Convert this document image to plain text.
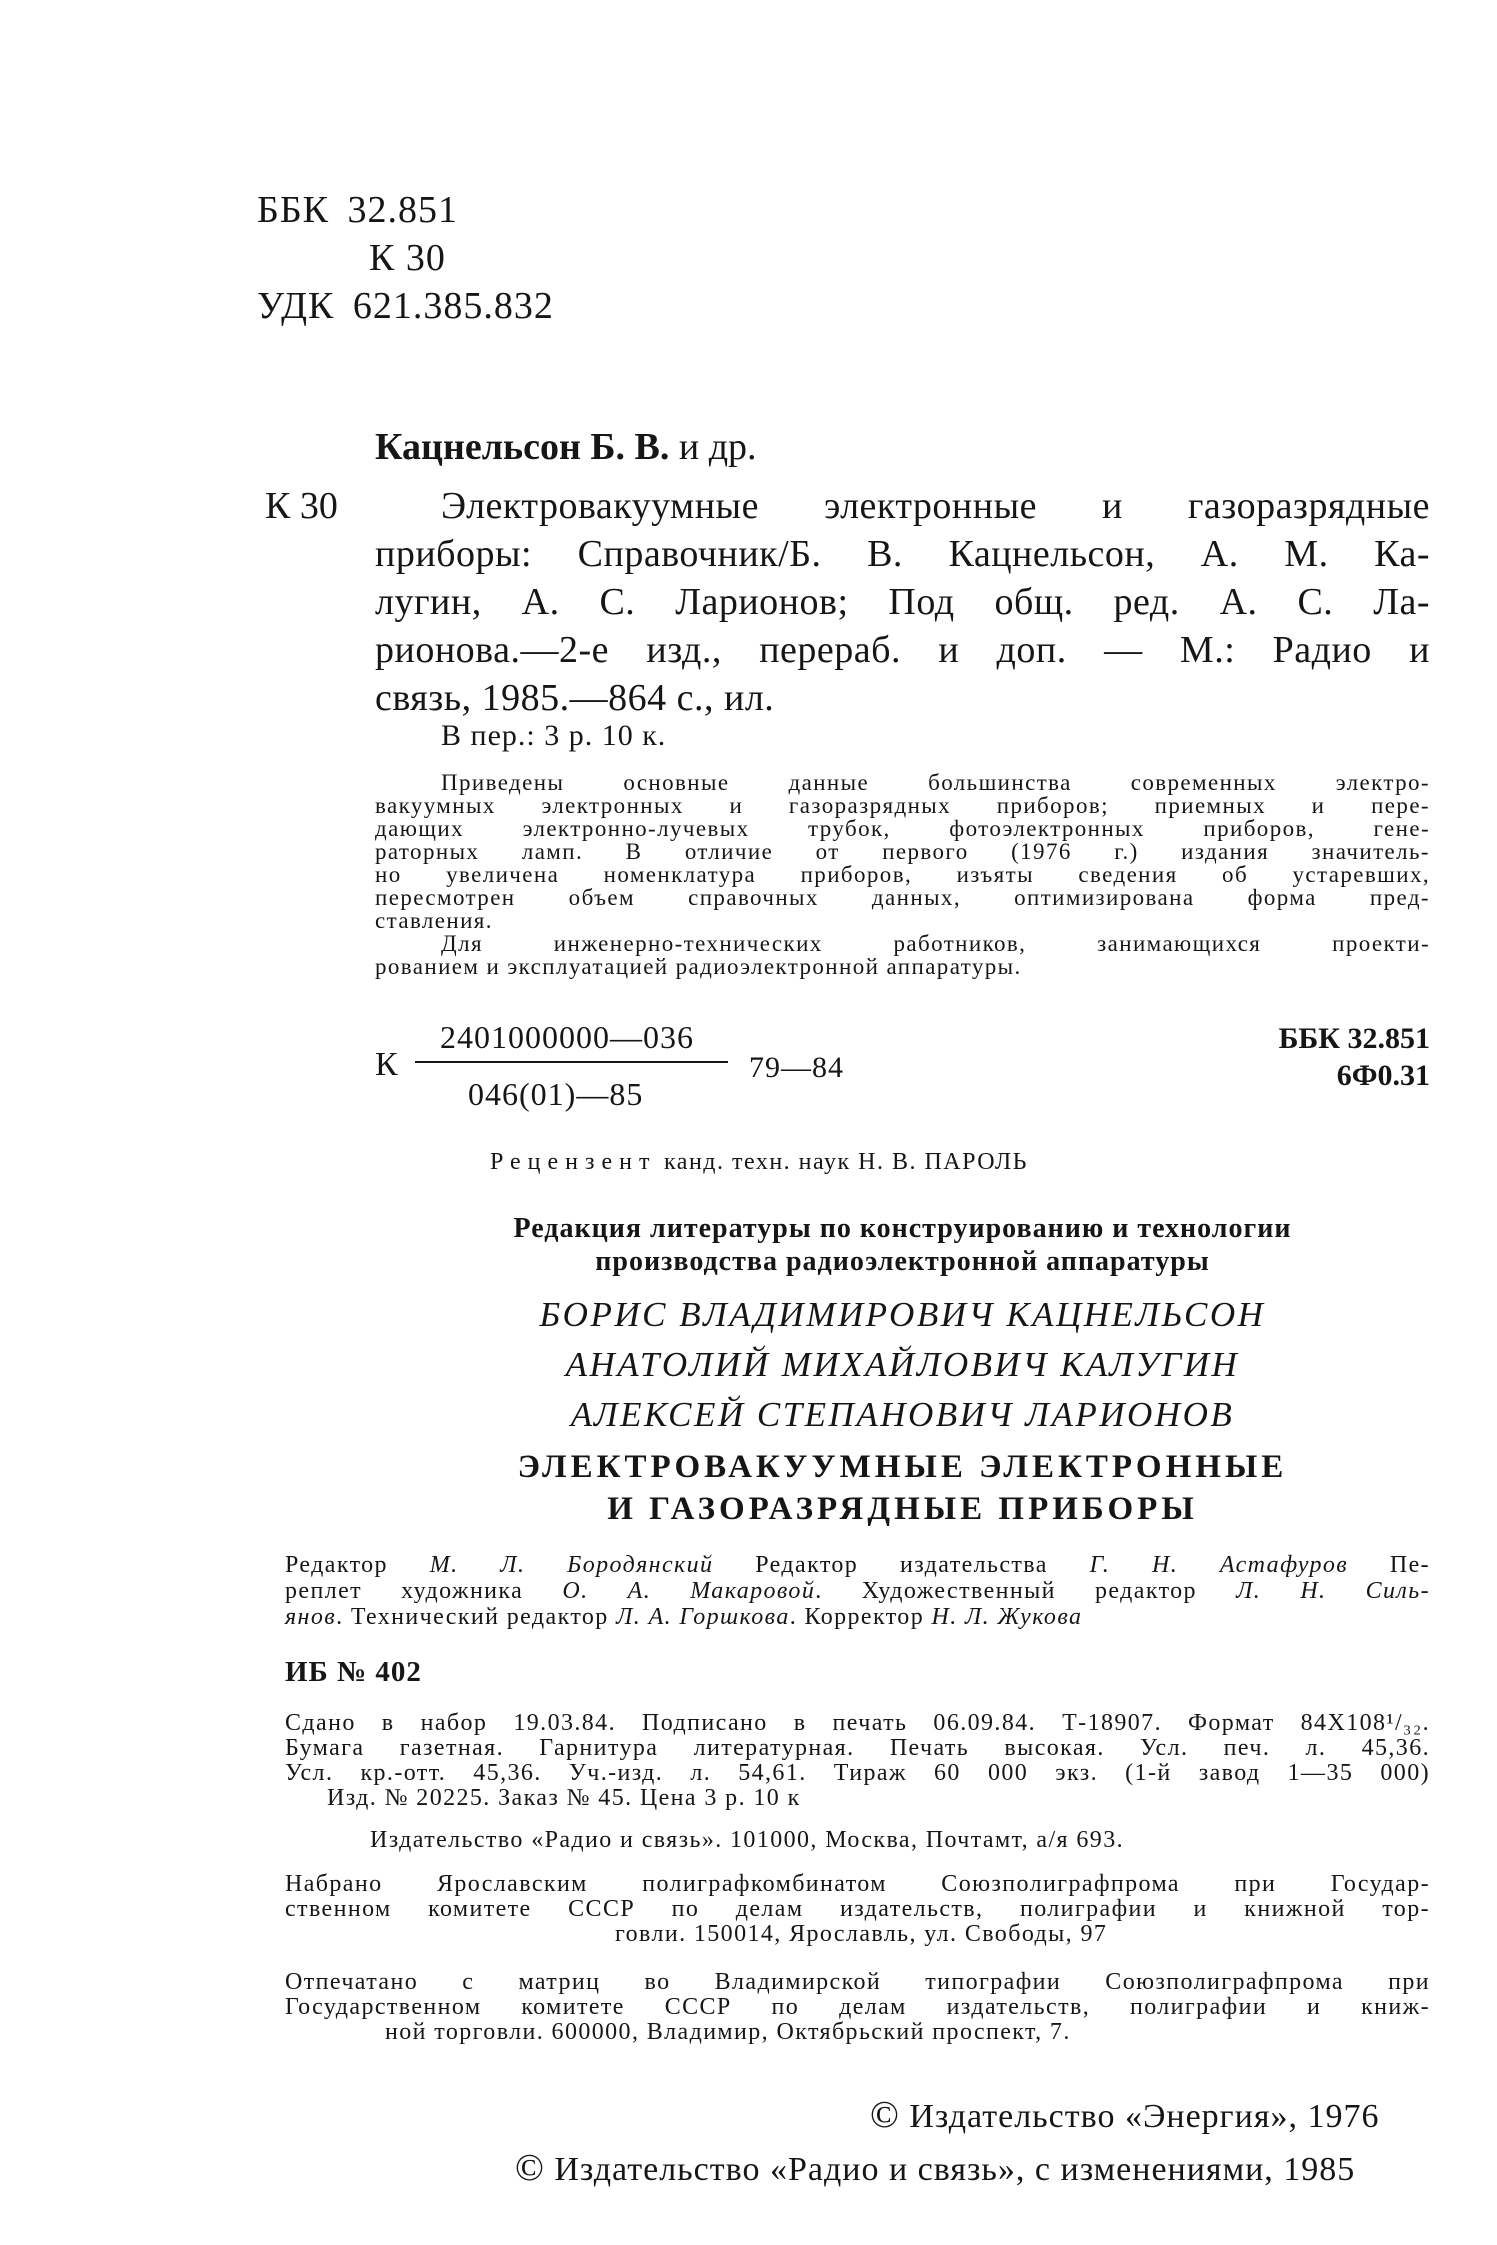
ББК 32.851
К 30
УДК 621.385.832
Кацнельсон Б. В. и др.
К 30	Электровакуумные электронные и газоразрядные
приборы: Справочник/Б. В. Кацнельсон, А. М. Ка-
лугин, А. С. Ларионов; Под общ. ред. А. С. Ла-
рионова.—2-е изд., перераб. и доп. — М.: Радио и
связь, 1985.—864 с., ил.
В пер.: 3 р. 10 к.
Приведены основные данные большинства современных электро-
вакуумных электронных и газоразрядных приборов; приемных и пере-
дающих электронно-лучевых трубок, фотоэлектронных приборов, гене-
раторных ламп. В отличие от первого (1976 г.) издания значитель-
но увеличена номенклатура приборов, изъяты сведения об устаревших,
пересмотрен объем справочных данных, оптимизирована форма пред-
ставления.
Для инженерно-технических работников, занимающихся проекти-
рованием и эксплуатацией радиоэлектронной аппаратуры.
К
2401000000—036
046(01)—85
79—84
ББК 32.851
6Ф0.31
Рецензент канд. техн. наук Н. В. ПАРОЛЬ
Редакция литературы по конструированию и технологии
производства радиоэлектронной аппаратуры
БОРИС ВЛАДИМИРОВИЧ КАЦНЕЛЬСОН
АНАТОЛИЙ МИХАЙЛОВИЧ КАЛУГИН
АЛЕКСЕЙ СТЕПАНОВИЧ ЛАРИОНОВ
ЭЛЕКТРОВАКУУМНЫЕ ЭЛЕКТРОННЫЕ
И ГАЗОРАЗРЯДНЫЕ ПРИБОРЫ
Редактор М. Л. Бородянский Редактор издательства Г. Н. Астафуров Пе-
реплет художника О. А. Макаровой. Художественный редактор Л. Н. Силь-
янов. Технический редактор Л. А. Горшкова. Корректор Н. Л. Жукова
ИБ № 402
Сдано в набор 19.03.84. Подписано в печать 06.09.84. Т-18907. Формат 84Х108¹/₃₂.
Бумага газетная. Гарнитура литературная. Печать высокая. Усл. печ. л. 45,36.
Усл. кр.-отт. 45,36. Уч.-изд. л. 54,61. Тираж 60 000 экз. (1-й завод 1—35 000)
Изд. № 20225. Заказ № 45. Цена 3 р. 10 к
Издательство «Радио и связь». 101000, Москва, Почтамт, а/я 693.
Набрано Ярославским полиграфкомбинатом Союзполиграфпрома при Государ-
ственном комитете СССР по делам издательств, полиграфии и книжной тор-
говли. 150014, Ярославль, ул. Свободы, 97
Отпечатано с матриц во Владимирской типографии Союзполиграфпрома при
Государственном комитете СССР по делам издательств, полиграфии и книж-
ной торговли. 600000, Владимир, Октябрьский проспект, 7.
© Издательство «Энергия», 1976
© Издательство «Радио и связь», с изменениями, 1985
